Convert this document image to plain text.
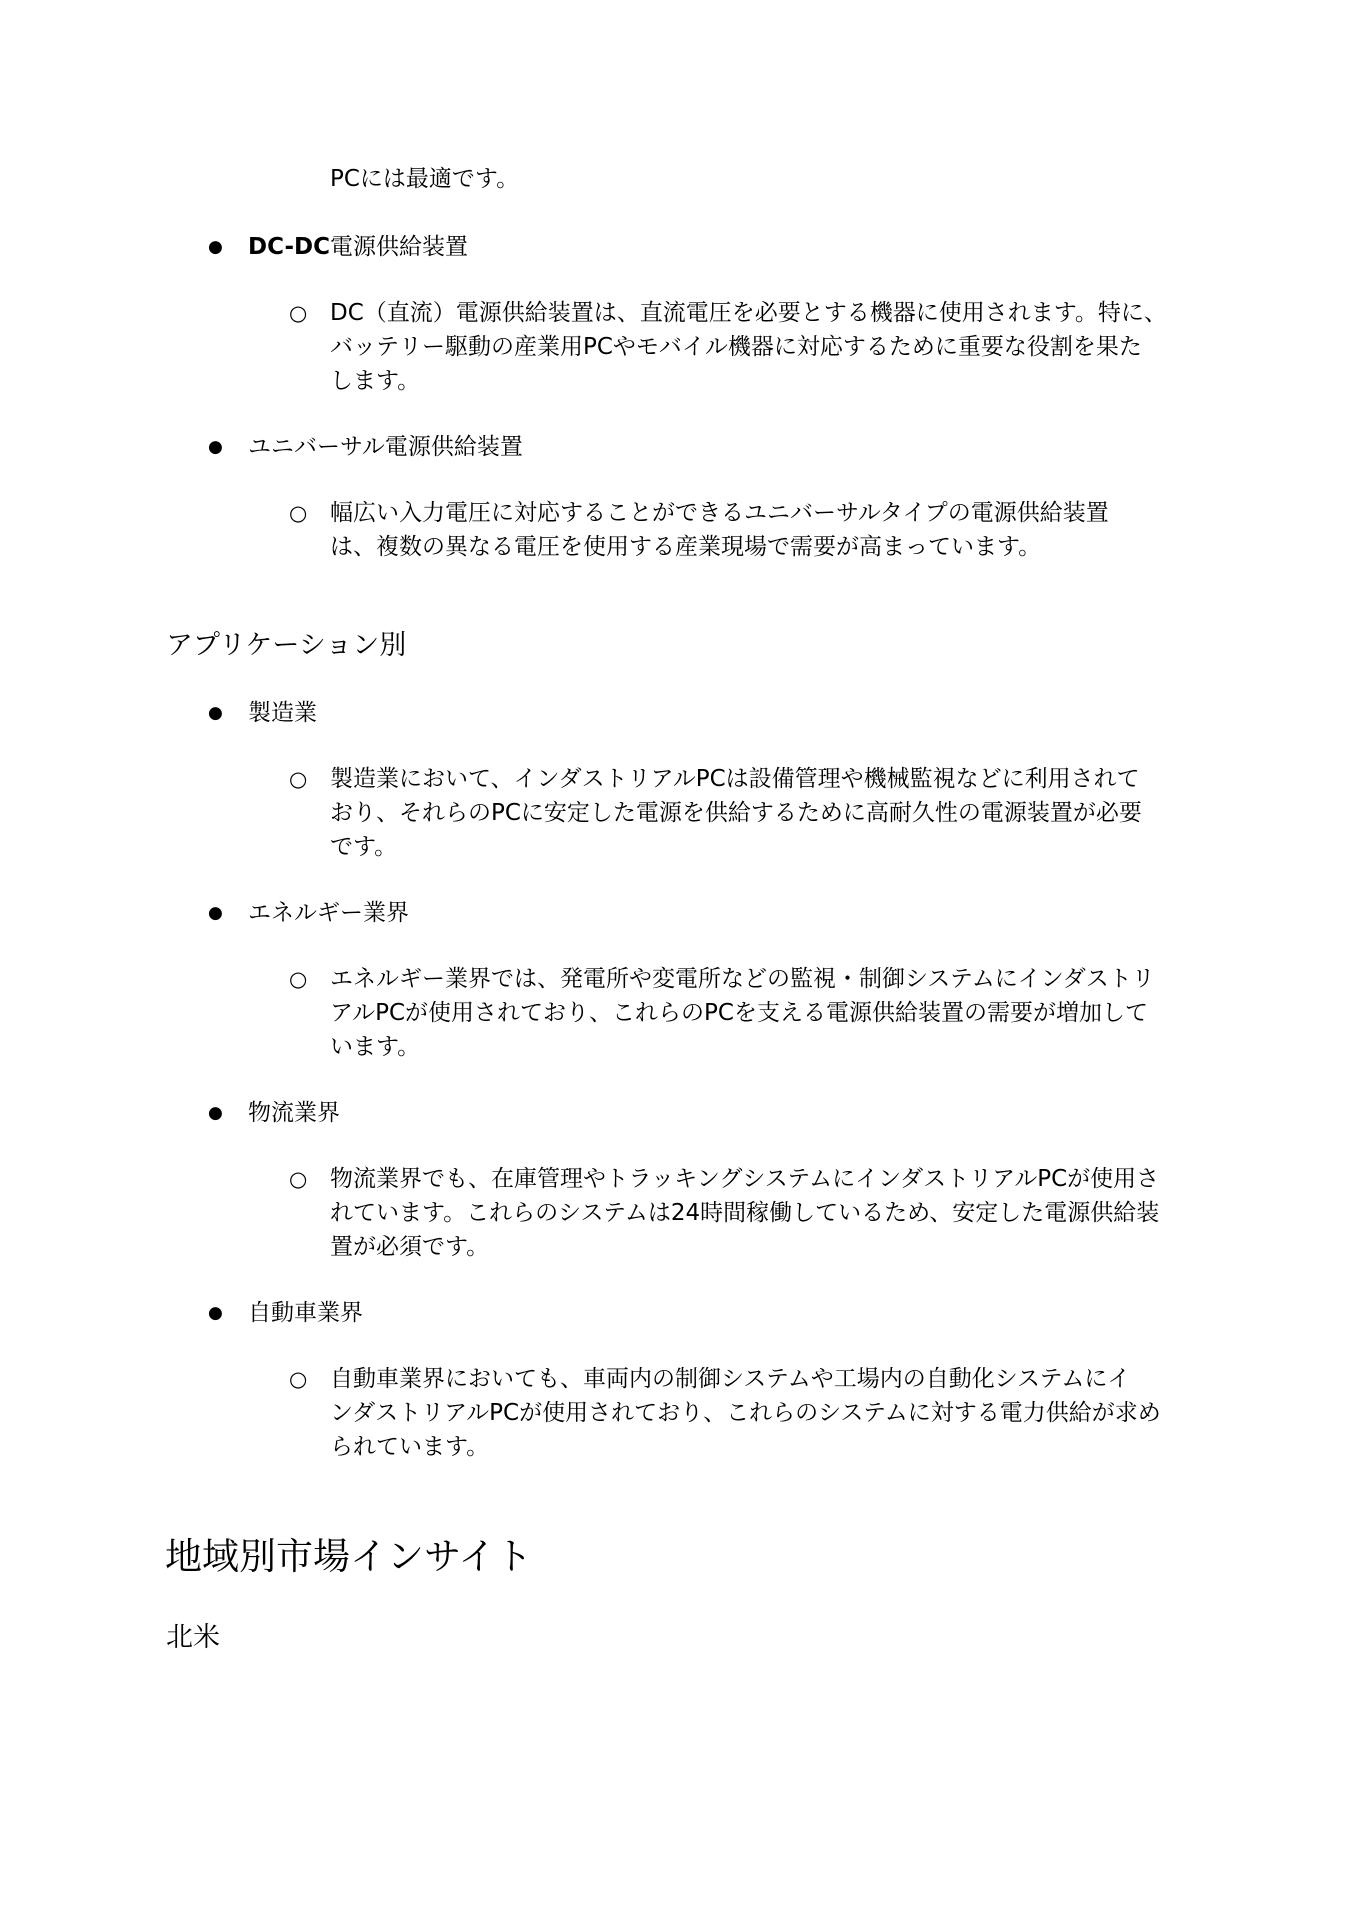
PCには最適です。
● DC-DC電源供給装置
○ DC（直流）電源供給装置は、直流電圧を必要とする機器に使用されます。特に、
バッテリー駆動の産業用PCやモバイル機器に対応するために重要な役割を果た
します。
● ユニバーサル電源供給装置
○ 幅広い入力電圧に対応することができるユニバーサルタイプの電源供給装置
は、複数の異なる電圧を使用する産業現場で需要が高まっています。
アプリケーション別
● 製造業
○ 製造業において、インダストリアルPCは設備管理や機械監視などに利用されて
おり、それらのPCに安定した電源を供給するために高耐久性の電源装置が必要
です。
● エネルギー業界
○ エネルギー業界では、発電所や変電所などの監視・制御システムにインダストリ
アルPCが使用されており、これらのPCを支える電源供給装置の需要が増加して
います。
● 物流業界
○ 物流業界でも、在庫管理やトラッキングシステムにインダストリアルPCが使用さ
れています。これらのシステムは24時間稼働しているため、安定した電源供給装
置が必須です。
● 自動車業界
○ 自動車業界においても、車両内の制御システムや工場内の自動化システムにイ
ンダストリアルPCが使用されており、これらのシステムに対する電力供給が求め
られています。
地域別市場インサイト
北米
